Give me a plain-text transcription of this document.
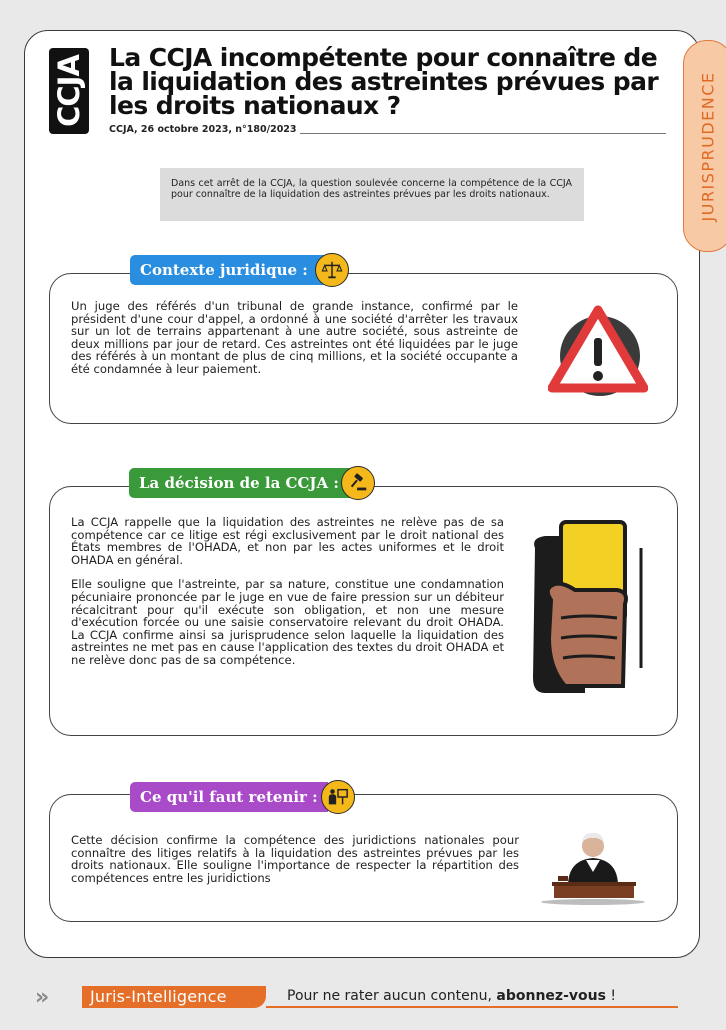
CCJA La CCJA incompétente pour connaître de la liquidation des astreintes prévues par les droits nationaux ?
CCJA, 26 octobre 2023, n°180/2023	JURISPRUDENCE
Dans cet arrêt de la CCJA, la question soulevée concerne la compétence de la CCJA pour connaître de la liquidation des astreintes prévues par les droits nationaux.
Contexte juridique :

Un juge des référés d'un tribunal de grande instance, confirmé par le président d'une cour d'appel, a ordonné à une société d'arrêter les travaux sur un lot de terrains appartenant à une autre société, sous astreinte de deux millions par jour de retard. Ces astreintes ont été liquidées par le juge des référés à un montant de plus de cinq millions, et la société occupante a été condamnée à leur paiement.

La décision de la CCJA :

La CCJA rappelle que la liquidation des astreintes ne relève pas de sa compétence car ce litige est régi exclusivement par le droit national des États membres de l'OHADA, et non par les actes uniformes et le droit OHADA en général.

Elle souligne que l'astreinte, par sa nature, constitue une condamnation pécuniaire prononcée par le juge en vue de faire pression sur un débiteur récalcitrant pour qu'il exécute son obligation, et non une mesure d'exécution forcée ou une saisie conservatoire relevant du droit OHADA. La CCJA confirme ainsi sa jurisprudence selon laquelle la liquidation des astreintes ne met pas en cause l'application des textes du droit OHADA et ne relève donc pas de sa compétence.

Ce qu'il faut retenir :

Cette décision confirme la compétence des juridictions nationales pour connaître des litiges relatifs à la liquidation des astreintes prévues par les droits nationaux. Elle souligne l'importance de respecter la répartition des compétences entre les juridictions

»	Juris-Intelligence	Pour ne rater aucun contenu, abonnez-vous !
